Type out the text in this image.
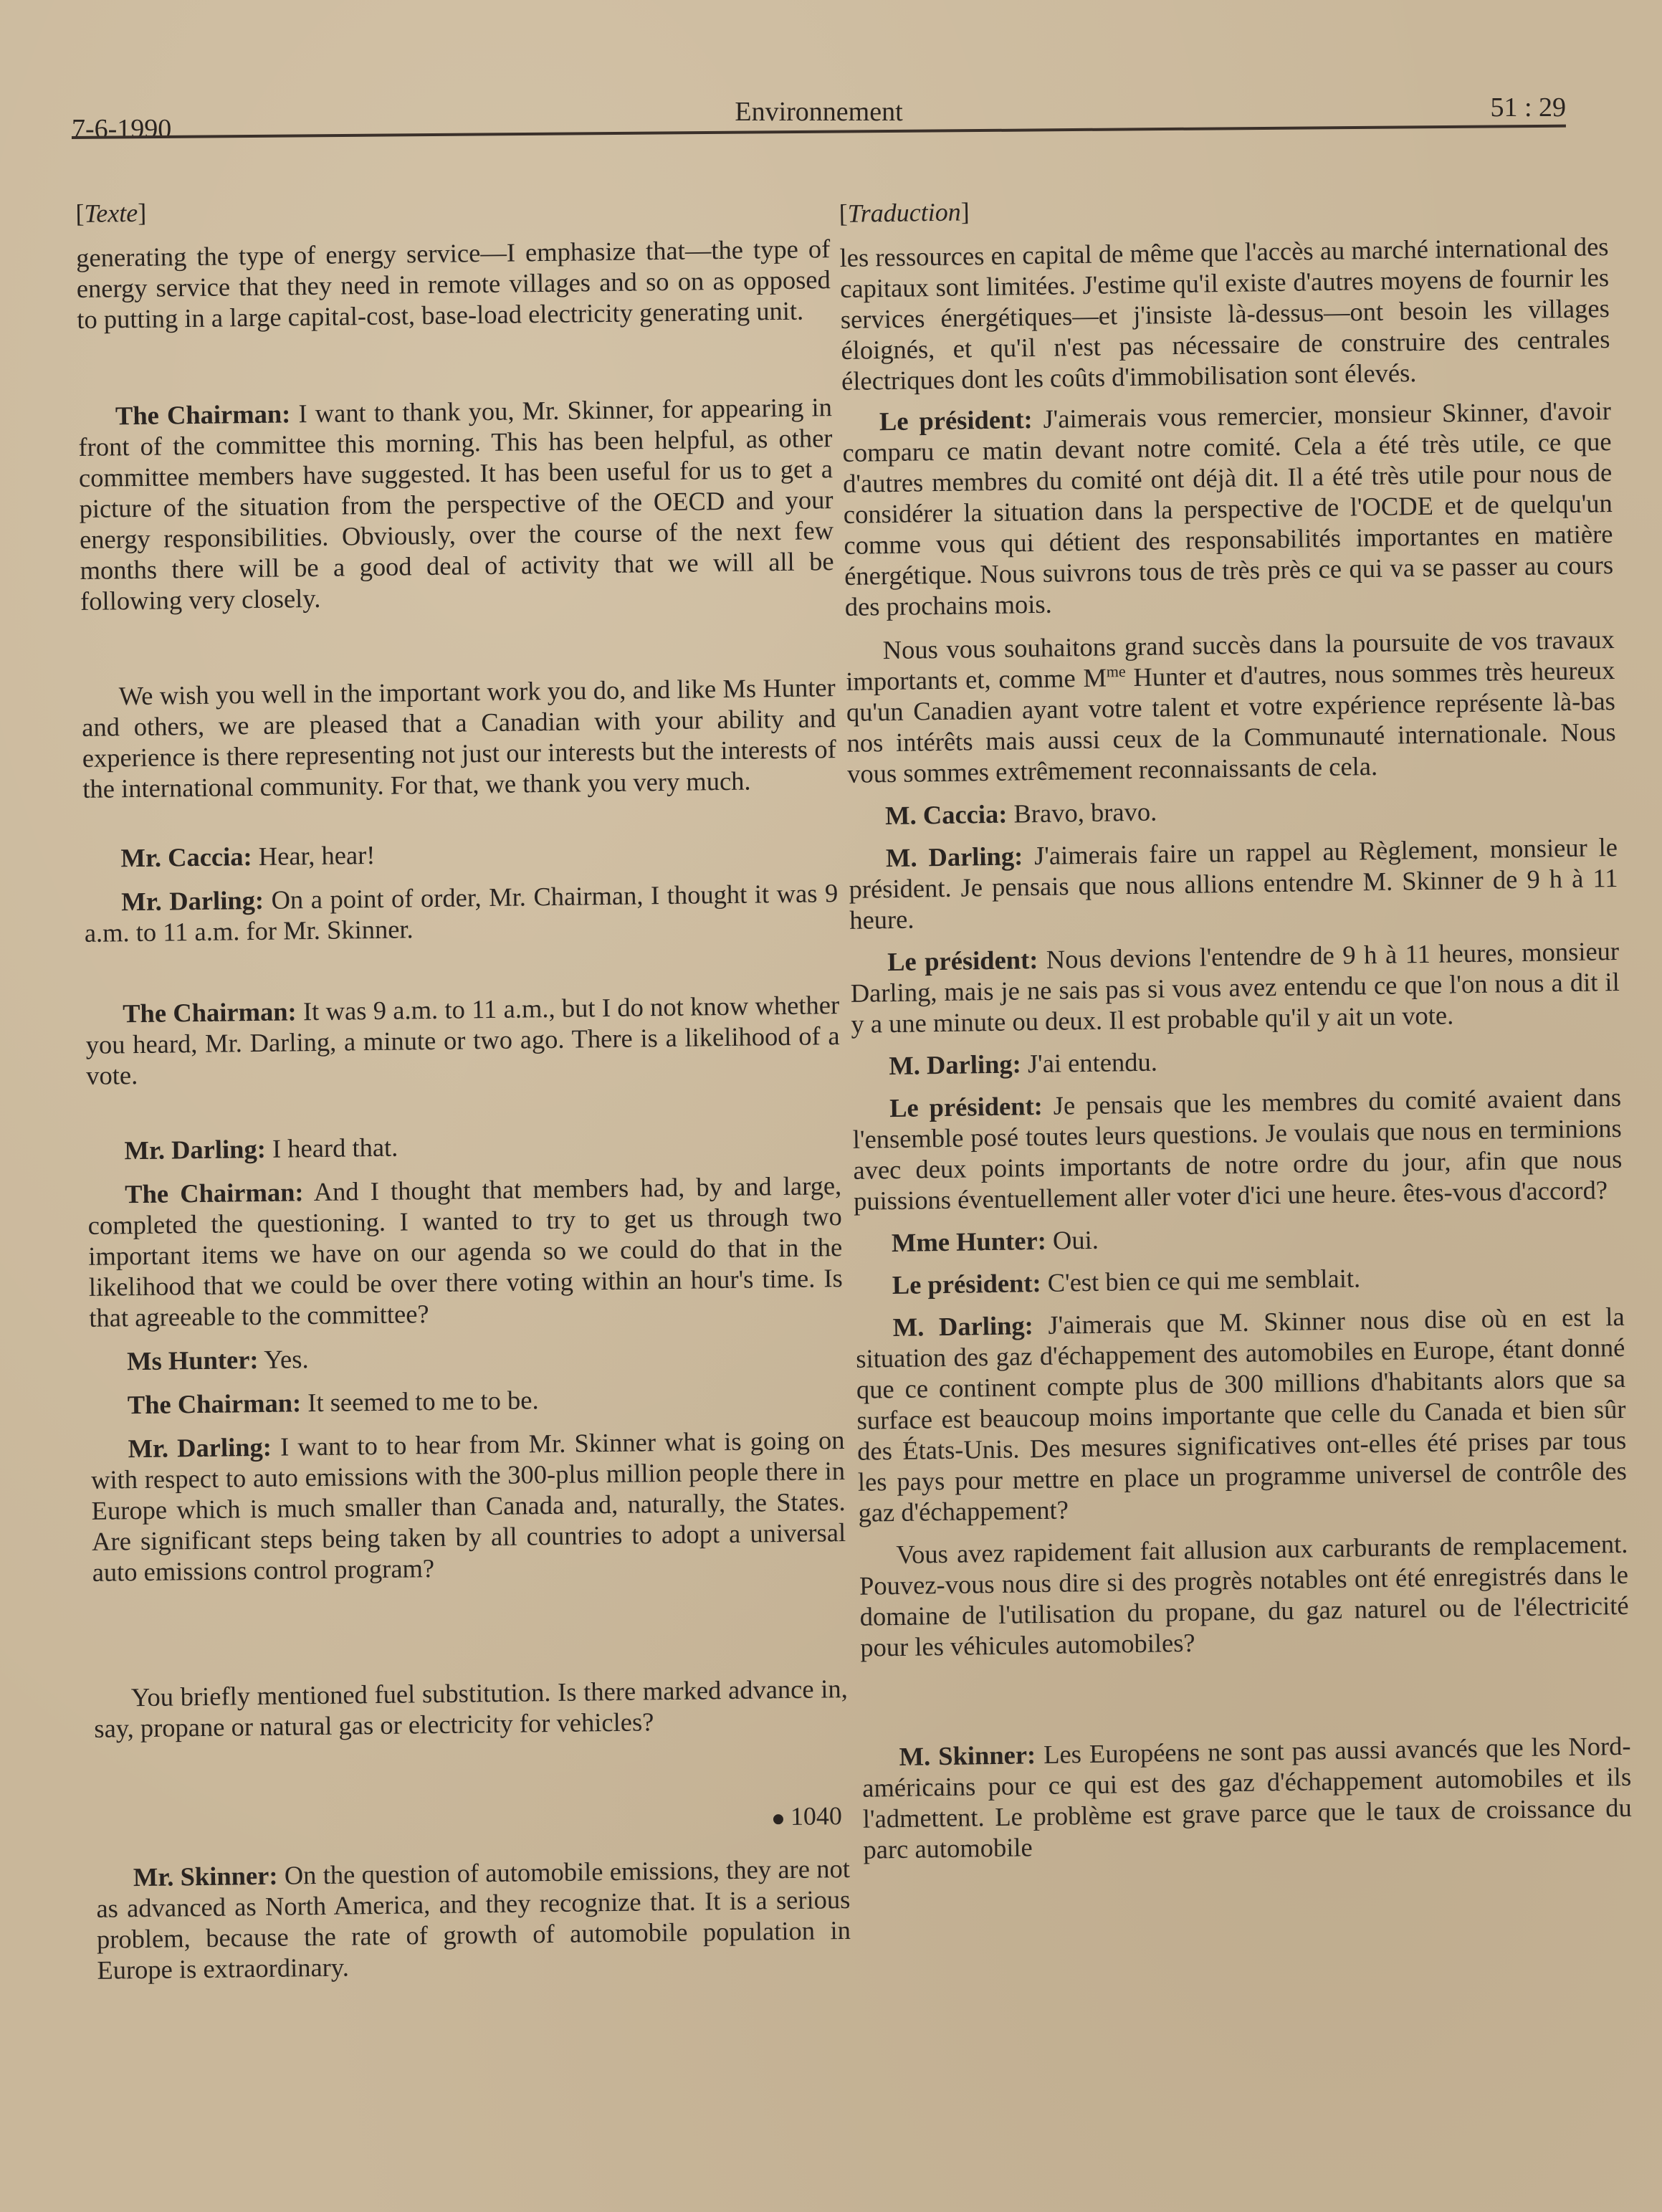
7-6-1990
Environnement	51 : 29
[Texte]

generating the type of energy service—I emphasize that—the type of energy service that they need in remote villages and so on as opposed to putting in a large capital-cost, base-load electricity generating unit.

The Chairman: I want to thank you, Mr. Skinner, for appearing in front of the committee this morning. This has been helpful, as other committee members have suggested. It has been useful for us to get a picture of the situation from the perspective of the OECD and your energy responsibilities. Obviously, over the course of the next few months there will be a good deal of activity that we will all be following very closely.

We wish you well in the important work you do, and like Ms Hunter and others, we are pleased that a Canadian with your ability and experience is there representing not just our interests but the interests of the international community. For that, we thank you very much.

Mr. Caccia: Hear, hear!

Mr. Darling: On a point of order, Mr. Chairman, I thought it was 9 a.m. to 11 a.m. for Mr. Skinner.

The Chairman: It was 9 a.m. to 11 a.m., but I do not know whether you heard, Mr. Darling, a minute or two ago. There is a likelihood of a vote.

Mr. Darling: I heard that.

The Chairman: And I thought that members had, by and large, completed the questioning. I wanted to try to get us through two important items we have on our agenda so we could do that in the likelihood that we could be over there voting within an hour's time. Is that agreeable to the committee?

Ms Hunter: Yes.

The Chairman: It seemed to me to be.

Mr. Darling: I want to to hear from Mr. Skinner what is going on with respect to auto emissions with the 300-plus million people there in Europe which is much smaller than Canada and, naturally, the States. Are significant steps being taken by all countries to adopt a universal auto emissions control program?

You briefly mentioned fuel substitution. Is there marked advance in, say, propane or natural gas or electricity for vehicles?

1040

Mr. Skinner: On the question of automobile emissions, they are not as advanced as North America, and they recognize that. It is a serious problem, because the rate of growth of automobile population in Europe is extraordinary.

[Traduction]

les ressources en capital de même que l'accès au marché international des capitaux sont limitées. J'estime qu'il existe d'autres moyens de fournir les services énergétiques—et j'insiste là-dessus—ont besoin les villages éloignés, et qu'il n'est pas nécessaire de construire des centrales électriques dont les coûts d'immobilisation sont élevés.

Le président: J'aimerais vous remercier, monsieur Skinner, d'avoir comparu ce matin devant notre comité. Cela a été très utile, ce que d'autres membres du comité ont déjà dit. Il a été très utile pour nous de considérer la situation dans la perspective de l'OCDE et de quelqu'un comme vous qui détient des responsabilités importantes en matière énergétique. Nous suivrons tous de très près ce qui va se passer au cours des prochains mois.

Nous vous souhaitons grand succès dans la poursuite de vos travaux importants et, comme $M^{me}$ Hunter et d'autres, nous sommes très heureux qu'un Canadien ayant votre talent et votre expérience représente là-bas nos intérêts mais aussi ceux de la Communauté internationale. Nous vous sommes extrêmement reconnaissants de cela.

M. Caccia: Bravo, bravo.

M. Darling: J'aimerais faire un rappel au Règlement, monsieur le président. Je pensais que nous allions entendre M. Skinner de 9 h à 11 heure.

Le président: Nous devions l'entendre de 9 h à 11 heures, monsieur Darling, mais je ne sais pas si vous avez entendu ce que l'on nous a dit il y a une minute ou deux. Il est probable qu'il y ait un vote.

M. Darling: J'ai entendu.

Le président: Je pensais que les membres du comité avaient dans l'ensemble posé toutes leurs questions. Je voulais que nous en terminions avec deux points importants de notre ordre du jour, afin que nous puissions éventuellement aller voter d'ici une heure. êtes-vous d'accord?

Mme Hunter: Oui.

Le président: C'est bien ce qui me semblait.

M. Darling: J'aimerais que M. Skinner nous dise où en est la situation des gaz d'échappement des automobiles en Europe, étant donné que ce continent compte plus de 300 millions d'habitants alors que sa surface est beaucoup moins importante que celle du Canada et bien sûr des États-Unis. Des mesures significatives ont-elles été prises par tous les pays pour mettre en place un programme universel de contrôle des gaz d'échappement?

Vous avez rapidement fait allusion aux carburants de remplacement. Pouvez-vous nous dire si des progrès notables ont été enregistrés dans le domaine de l'utilisation du propane, du gaz naturel ou de l'électricité pour les véhicules automobiles?

M. Skinner: Les Européens ne sont pas aussi avancés que les Nord-américains pour ce qui est des gaz d'échappement automobiles et ils l'admettent. Le problème est grave parce que le taux de croissance du parc automobile
